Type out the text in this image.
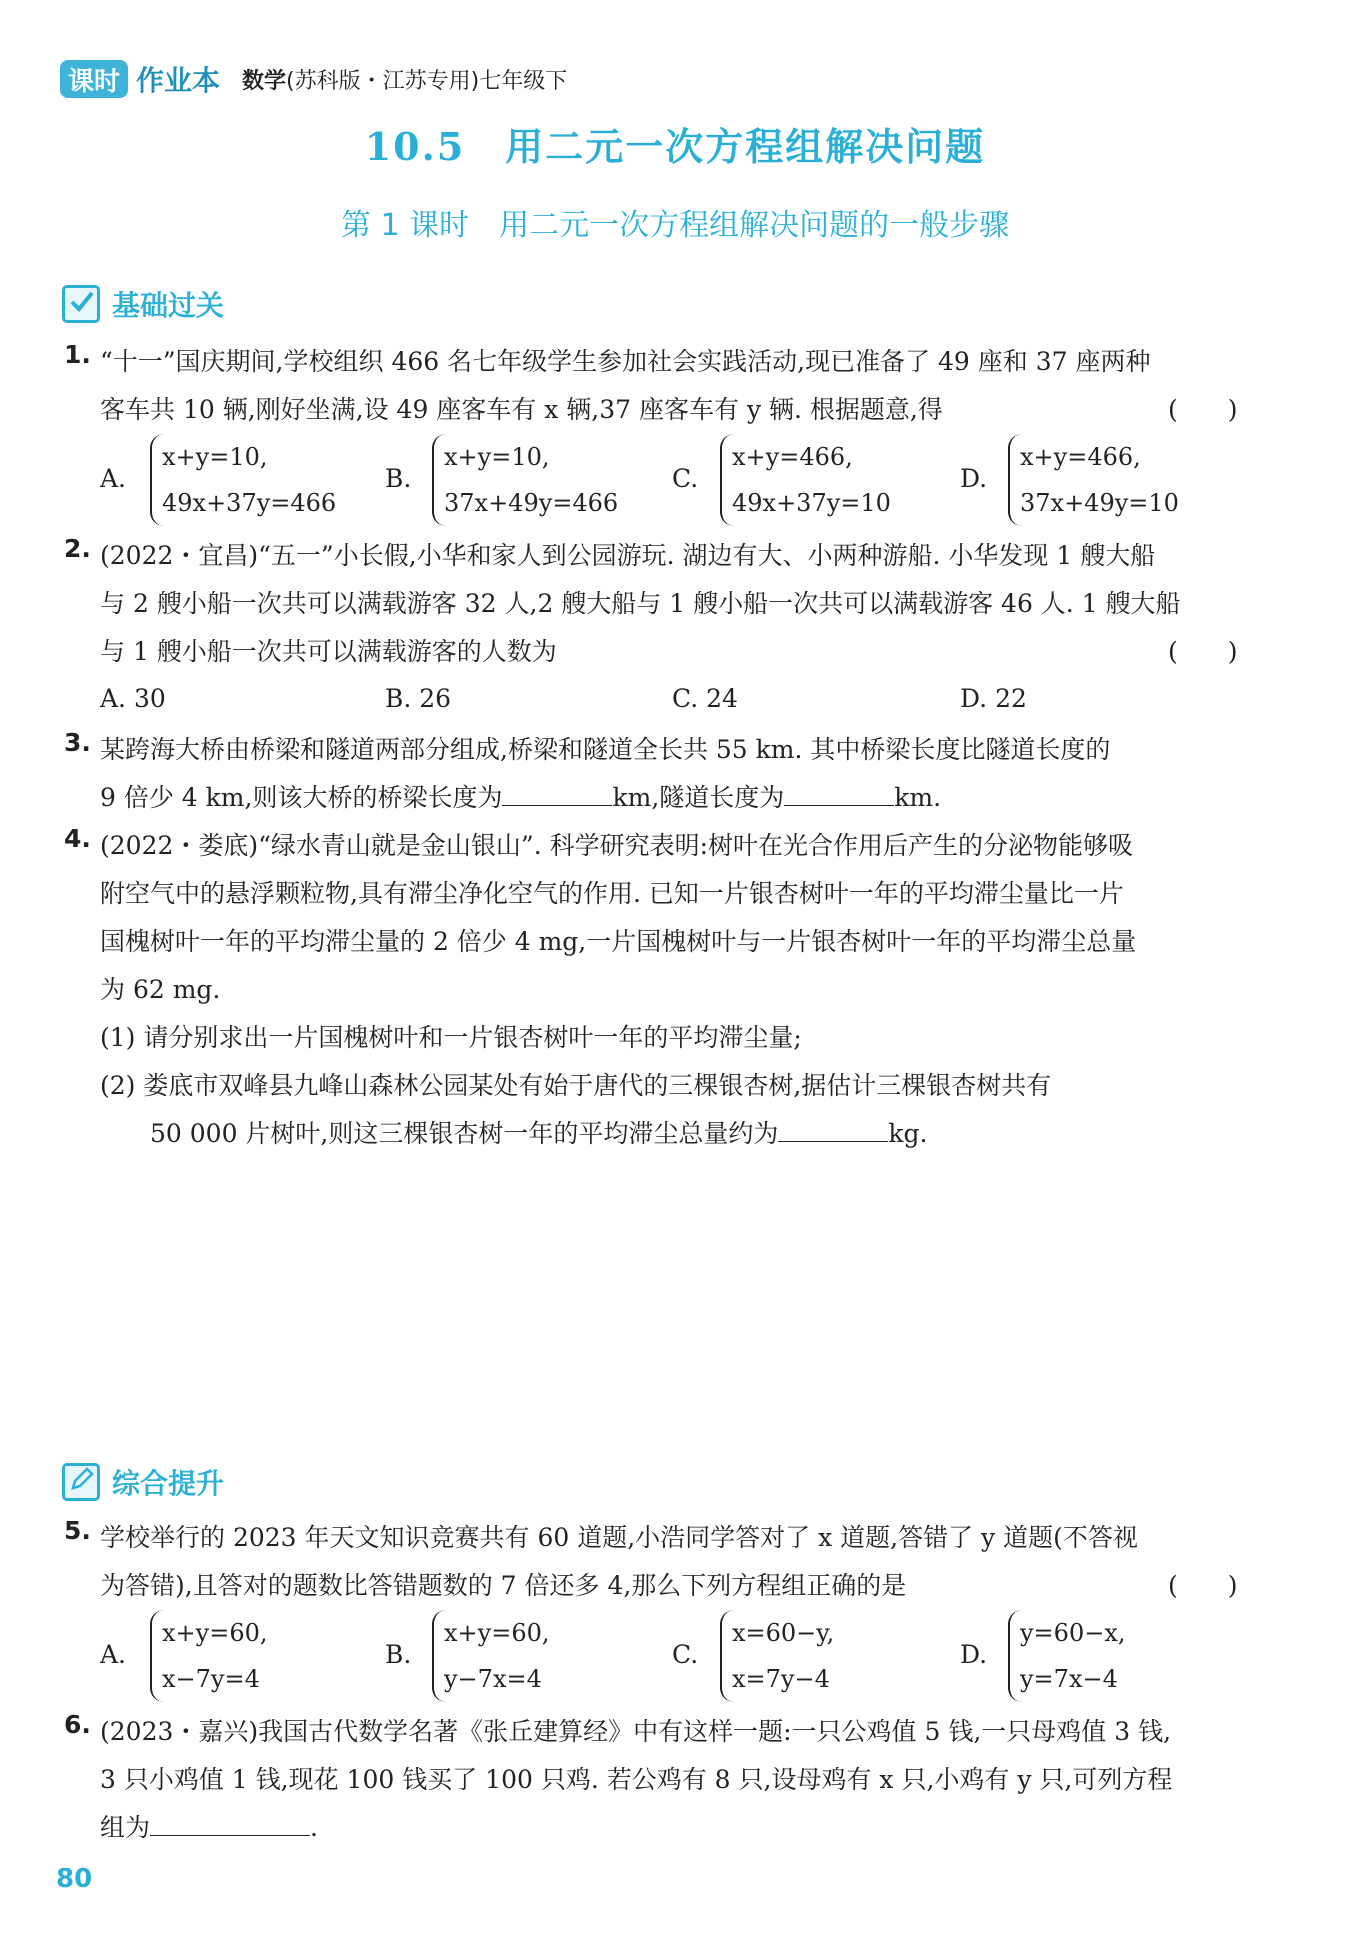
课时 作业本 数学(苏科版・江苏专用)七年级下
10.5　用二元一次方程组解决问题
第 1 课时　用二元一次方程组解决问题的一般步骤
基础过关
1. “十一”国庆期间,学校组织 466 名七年级学生参加社会实践活动,现已准备了 49 座和 37 座两种
客车共 10 辆,刚好坐满,设 49 座客车有 x 辆,37 座客车有 y 辆. 根据题意,得	(　　)
A.
x+y=10,
49x+37y=466
B.
x+y=10,
37x+49y=466
C.
x+y=466,
49x+37y=10
D.
x+y=466,
37x+49y=10
2. (2022・宜昌)“五一”小长假,小华和家人到公园游玩. 湖边有大、小两种游船. 小华发现 1 艘大船
与 2 艘小船一次共可以满载游客 32 人,2 艘大船与 1 艘小船一次共可以满载游客 46 人. 1 艘大船
与 1 艘小船一次共可以满载游客的人数为	(　　)
A. 30	B. 26	C. 24	D. 22
3. 某跨海大桥由桥梁和隧道两部分组成,桥梁和隧道全长共 55 km. 其中桥梁长度比隧道长度的
9 倍少 4 km,则该大桥的桥梁长度为	km,隧道长度为	km.
4. (2022・娄底)“绿水青山就是金山银山”. 科学研究表明:树叶在光合作用后产生的分泌物能够吸
附空气中的悬浮颗粒物,具有滞尘净化空气的作用. 已知一片银杏树叶一年的平均滞尘量比一片
国槐树叶一年的平均滞尘量的 2 倍少 4 mg,一片国槐树叶与一片银杏树叶一年的平均滞尘总量
为 62 mg.
(1) 请分别求出一片国槐树叶和一片银杏树叶一年的平均滞尘量;
(2) 娄底市双峰县九峰山森林公园某处有始于唐代的三棵银杏树,据估计三棵银杏树共有
50 000 片树叶,则这三棵银杏树一年的平均滞尘总量约为	kg.
综合提升
5. 学校举行的 2023 年天文知识竞赛共有 60 道题,小浩同学答对了 x 道题,答错了 y 道题(不答视
为答错),且答对的题数比答错题数的 7 倍还多 4,那么下列方程组正确的是	(　　)
A.
x+y=60,
x−7y=4
B.
x+y=60,
y−7x=4
C.
x=60−y,
x=7y−4
D.
y=60−x,
y=7x−4
6. (2023・嘉兴)我国古代数学名著《张丘建算经》中有这样一题:一只公鸡值 5 钱,一只母鸡值 3 钱,
3 只小鸡值 1 钱,现花 100 钱买了 100 只鸡. 若公鸡有 8 只,设母鸡有 x 只,小鸡有 y 只,可列方程
组为	.
80
